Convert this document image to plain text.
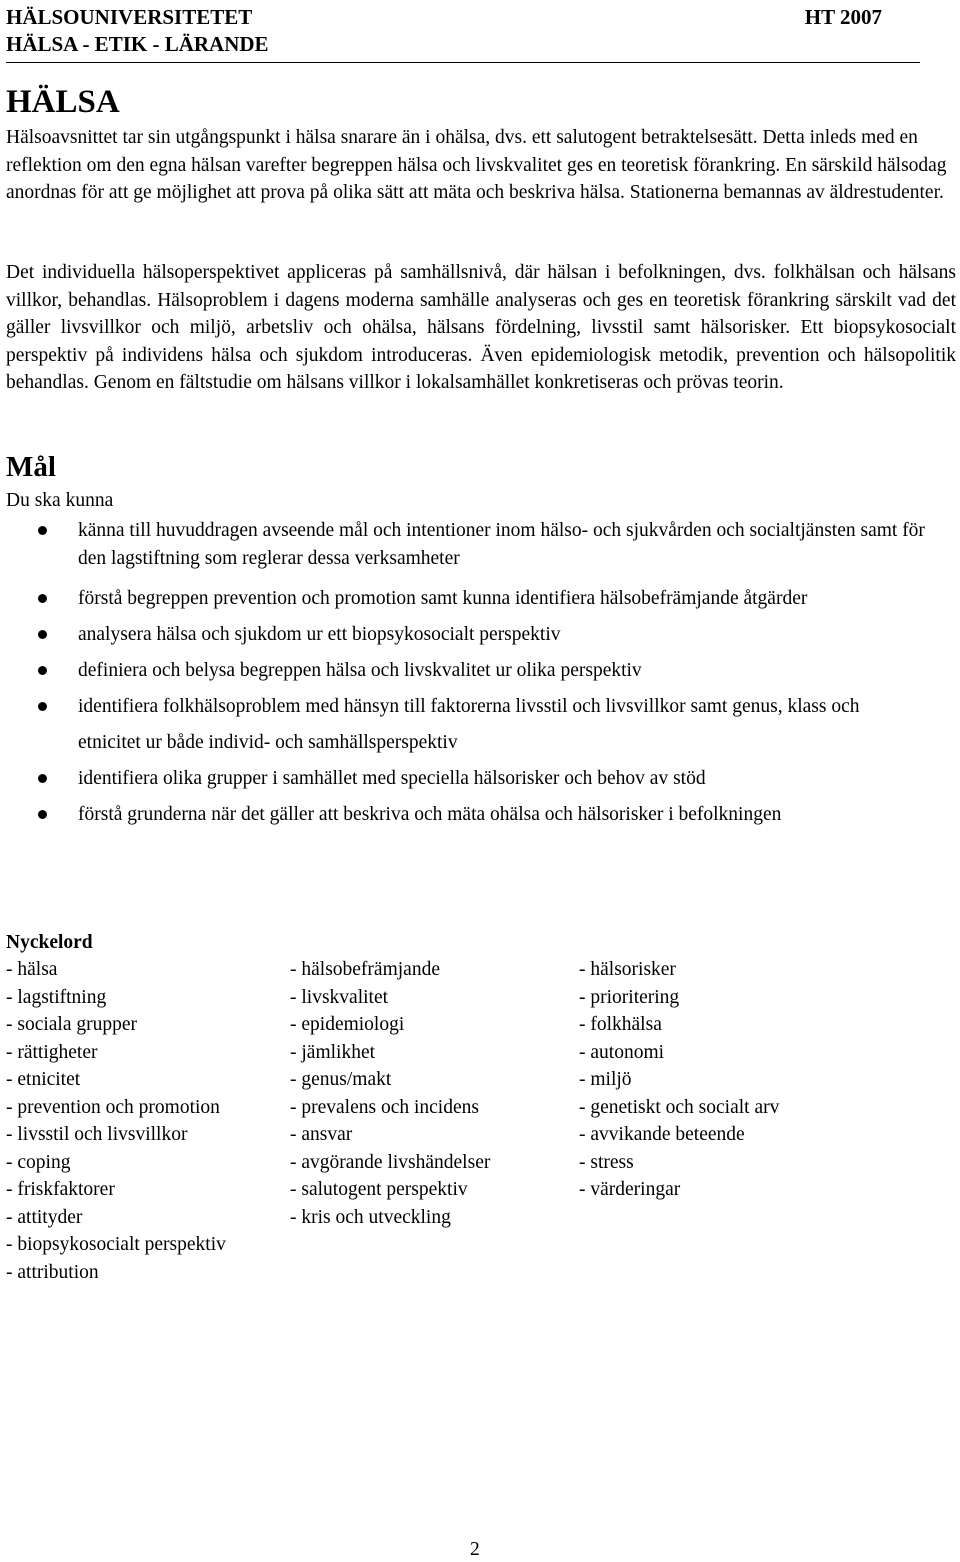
HÄLSOUNIVERSITETET	HT 2007
HÄLSA - ETIK - LÄRANDE
HÄLSA

Hälsoavsnittet tar sin utgångspunkt i hälsa snarare än i ohälsa, dvs. ett salutogent betraktelsesätt. Detta inleds med en reflektion om den egna hälsan varefter begreppen hälsa och livskvalitet ges en teoretisk förankring. En särskild hälsodag anordnas för att ge möjlighet att prova på olika sätt att mäta och beskriva hälsa. Stationerna bemannas av äldrestudenter.

Det individuella hälsoperspektivet appliceras på samhällsnivå, där hälsan i befolkningen, dvs. folkhälsan och hälsans villkor, behandlas. Hälsoproblem i dagens moderna samhälle analyseras och ges en teoretisk förankring särskilt vad det gäller livsvillkor och miljö, arbetsliv och ohälsa, hälsans fördelning, livsstil samt hälsorisker. Ett biopsykosocialt perspektiv på individens hälsa och sjukdom introduceras. Även epidemiologisk metodik, prevention och hälsopolitik behandlas. Genom en fältstudie om hälsans villkor i lokalsamhället konkretiseras och prövas teorin.

Mål
Du ska kunna
känna till huvuddragen avseende mål och intentioner inom hälso- och sjukvården och socialtjänsten samt för den lagstiftning som reglerar dessa verksamheter
förstå begreppen prevention och promotion samt kunna identifiera hälsobefrämjande åtgärder
analysera hälsa och sjukdom ur ett biopsykosocialt perspektiv
definiera och belysa begreppen hälsa och livskvalitet ur olika perspektiv
identifiera folkhälsoproblem med hänsyn till faktorerna livsstil och livsvillkor samt genus, klass och etnicitet ur både individ- och samhällsperspektiv
identifiera olika grupper i samhället med speciella hälsorisker och behov av stöd
förstå grunderna när det gäller att beskriva och mäta ohälsa och hälsorisker i befolkningen
Nyckelord
- hälsa
- lagstiftning
- sociala grupper
- rättigheter
- etnicitet
- prevention och promotion
- livsstil och livsvillkor
- coping
- friskfaktorer
- attityder
- biopsykosocialt perspektiv
- attribution
- hälsobefrämjande
- livskvalitet
- epidemiologi
- jämlikhet
- genus/makt
- prevalens och incidens
- ansvar
- avgörande livshändelser
- salutogent perspektiv
- kris och utveckling
- hälsorisker
- prioritering
- folkhälsa
- autonomi
- miljö
- genetiskt och socialt arv
- avvikande beteende
- stress
- värderingar
2
